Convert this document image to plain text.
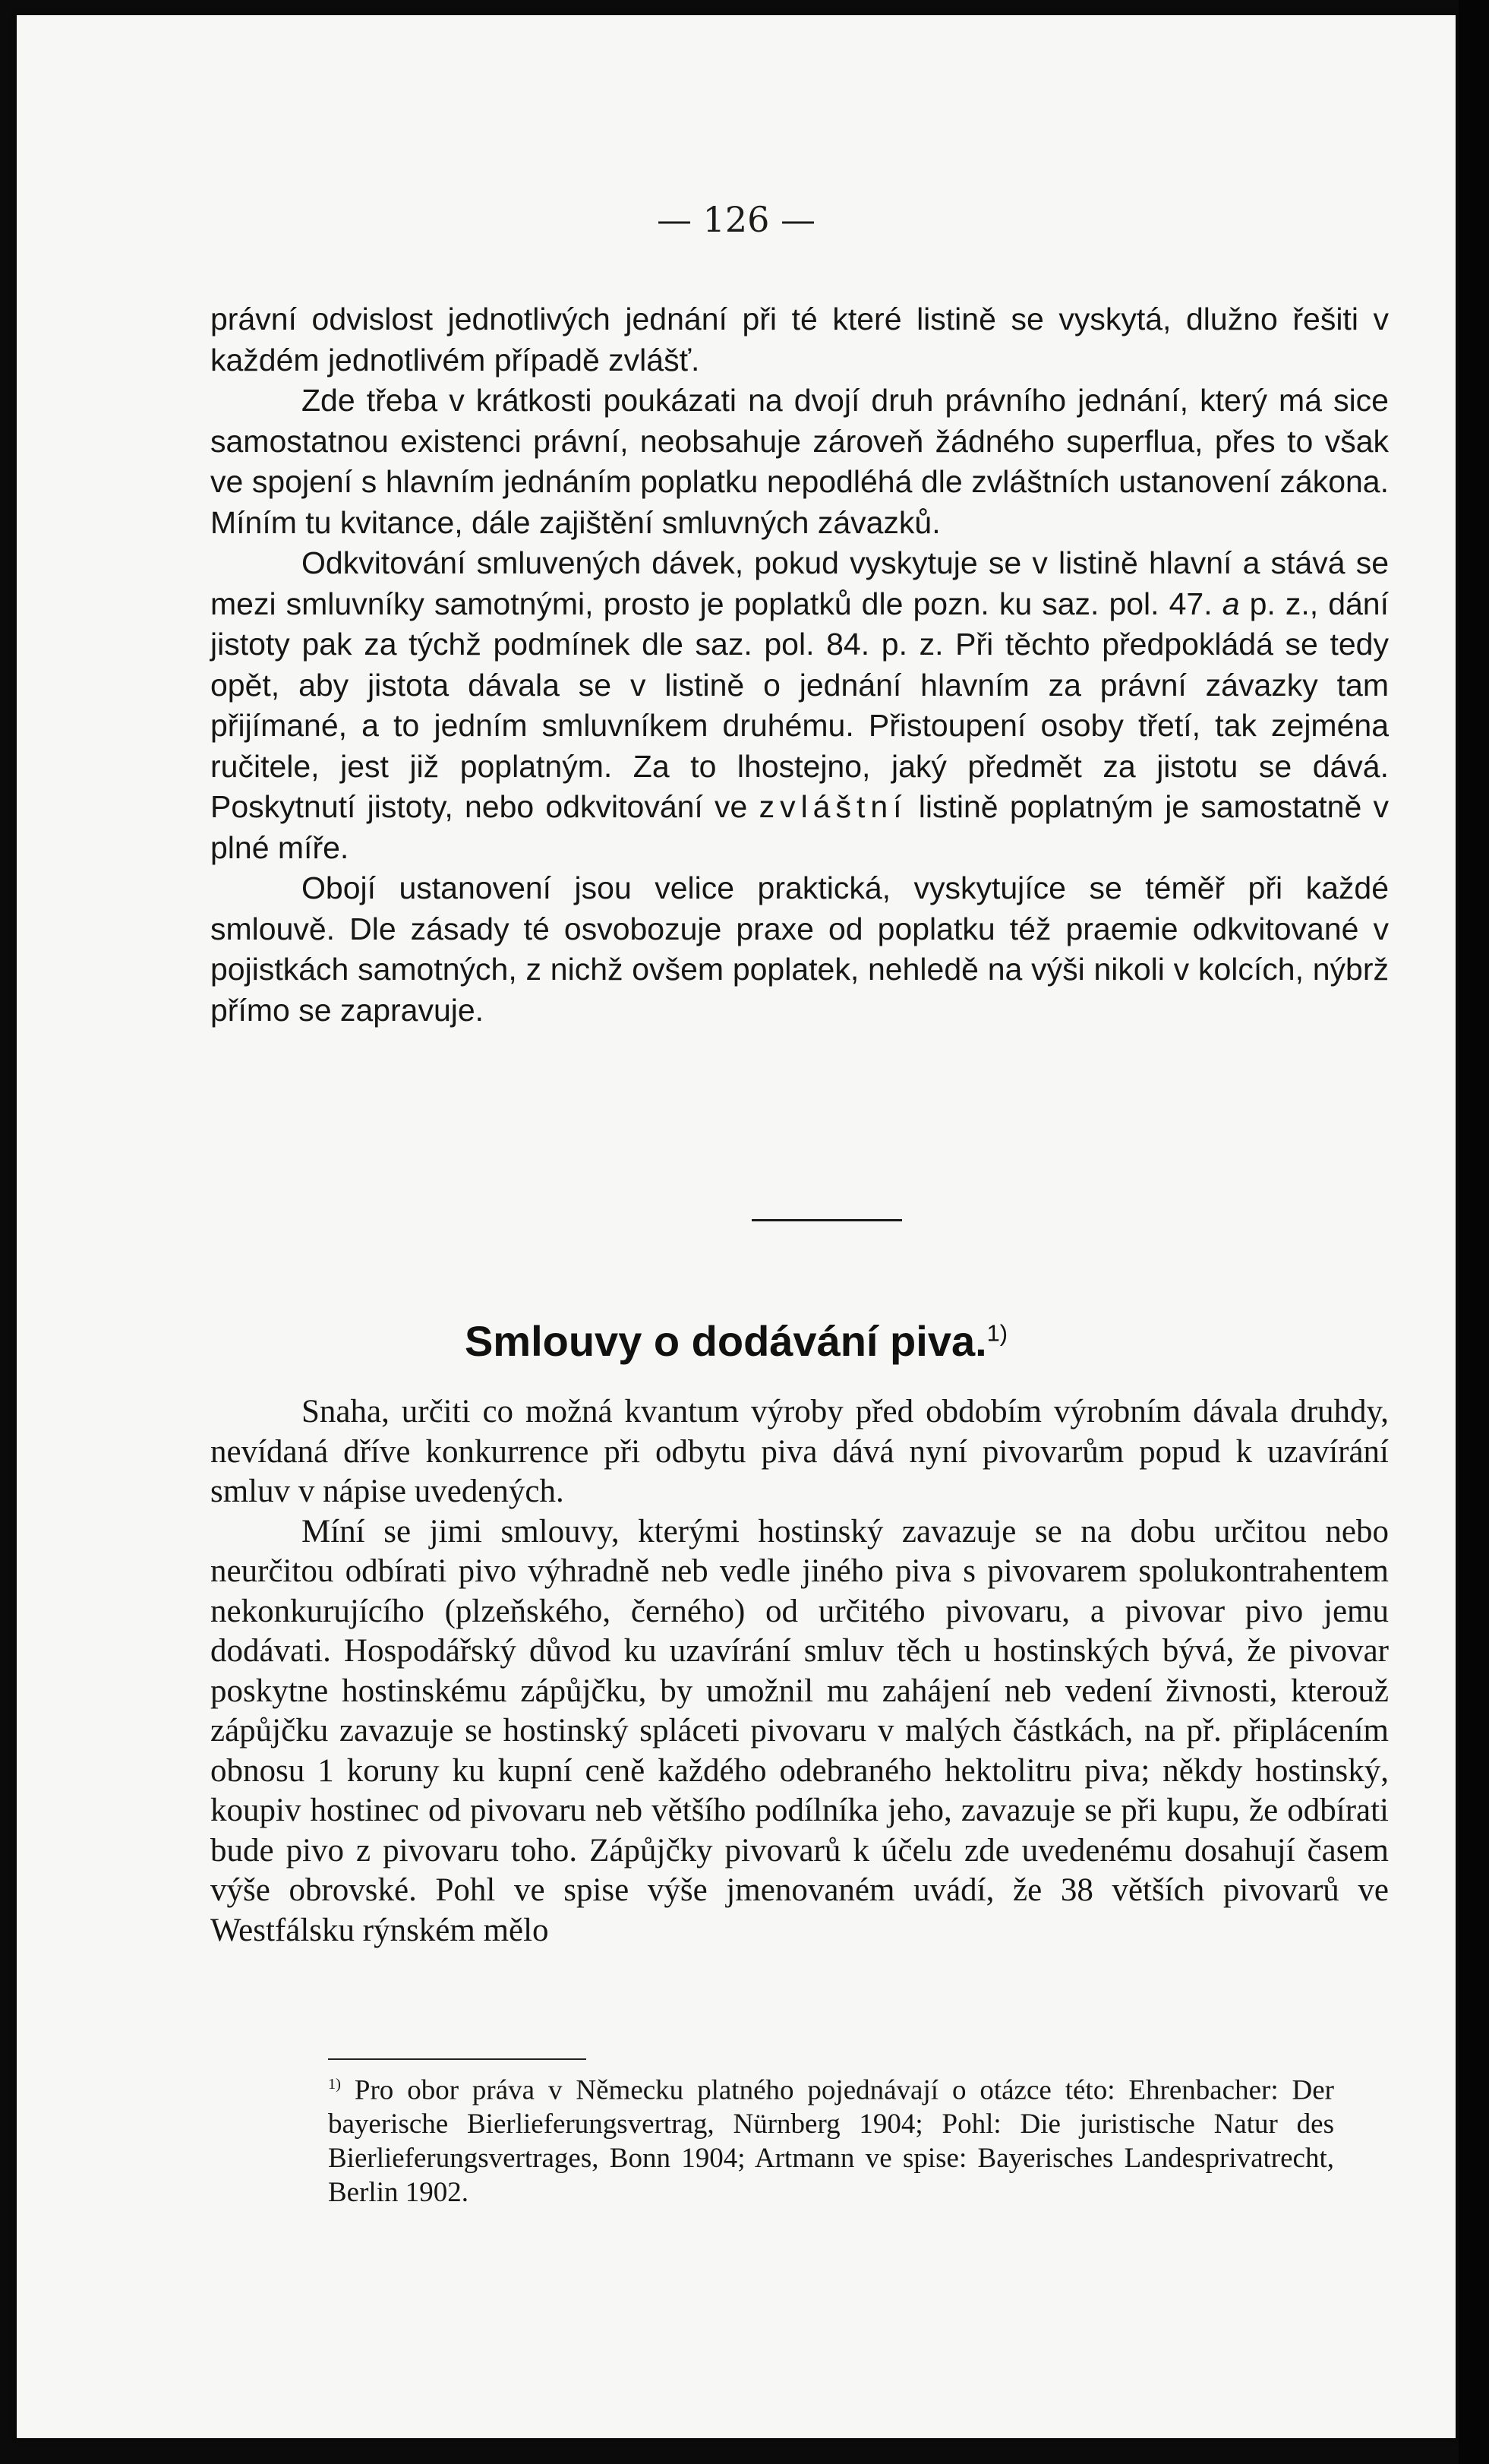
— 126 —

právní odvislost jednotlivých jednání při té které listině se vyskytá, dlužno řešiti v každém jednotlivém případě zvlášť.

Zde třeba v krátkosti poukázati na dvojí druh právního jednání, který má sice samostatnou existenci právní, neobsahuje zároveň žádného superflua, přes to však ve spojení s hlavním jednáním poplatku nepodléhá dle zvláštních ustanovení zákona. Míním tu kvitance, dále zajištění smluvných závazků.

Odkvitování smluvených dávek, pokud vyskytuje se v listině hlavní a stává se mezi smluvníky samotnými, prosto je poplatků dle pozn. ku saz. pol. 47. a p. z., dání jistoty pak za týchž podmínek dle saz. pol. 84. p. z. Při těchto předpokládá se tedy opět, aby jistota dávala se v listině o jednání hlavním za právní závazky tam přijímané, a to jedním smluvníkem druhému. Přistoupení osoby třetí, tak zejména ručitele, jest již poplatným. Za to lhostejno, jaký předmět za jistotu se dává. Poskytnutí jistoty, nebo odkvitování ve zvláštní listině poplatným je samostatně v plné míře.

Obojí ustanovení jsou velice praktická, vyskytujíce se téměř při každé smlouvě. Dle zásady té osvobozuje praxe od poplatku též praemie odkvitované v pojistkách samotných, z nichž ovšem poplatek, nehledě na výši nikoli v kolcích, nýbrž přímo se zapravuje.

Smlouvy o dodávání piva.$^{1)}$

Snaha, určiti co možná kvantum výroby před obdobím výrobním dávala druhdy, nevídaná dříve konkurrence při odbytu piva dává nyní pivovarům popud k uzavírání smluv v nápise uvedených.

Míní se jimi smlouvy, kterými hostinský zavazuje se na dobu určitou nebo neurčitou odbírati pivo výhradně neb vedle jiného piva s pivovarem spolukontrahentem nekonkurujícího (plzeňského, černého) od určitého pivovaru, a pivovar pivo jemu dodávati. Hospodářský důvod ku uzavírání smluv těch u hostinských bývá, že pivovar poskytne hostinskému zápůjčku, by umožnil mu zahájení neb vedení živnosti, kterouž zápůjčku zavazuje se hostinský spláceti pivovaru v malých částkách, na př. připlácením obnosu 1 koruny ku kupní ceně každého odebraného hektolitru piva; někdy hostinský, koupiv hostinec od pivovaru neb většího podílníka jeho, zavazuje se při kupu, že odbírati bude pivo z pivovaru toho. Zápůjčky pivovarů k účelu zde uvedenému dosahují časem výše obrovské. Pohl ve spise výše jmenovaném uvádí, že 38 větších pivovarů ve Westfálsku rýnském mělo

$^{1)}$ Pro obor práva v Německu platného pojednávají o otázce této: Ehrenbacher: Der bayerische Bierlieferungsvertrag, Nürnberg 1904; Pohl: Die juristische Natur des Bierlieferungsvertrages, Bonn 1904; Artmann ve spise: Bayerisches Landesprivatrecht, Berlin 1902.
